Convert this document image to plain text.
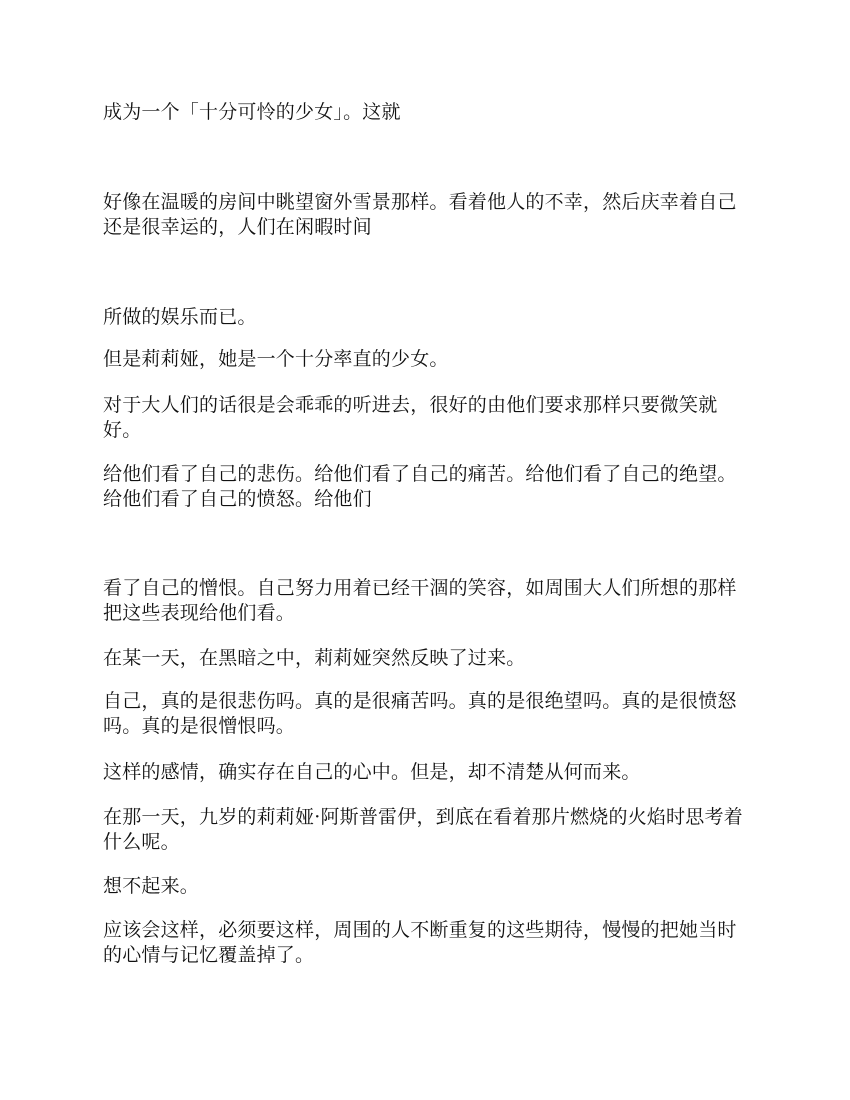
成为一个「十分可怜的少女」。这就

好像在温暖的房间中眺望窗外雪景那样。看着他人的不幸，然后庆幸着自己还是很幸运的，人们在闲暇时间

所做的娱乐而已。

但是莉莉娅，她是一个十分率直的少女。

对于大人们的话很是会乖乖的听进去，很好的由他们要求那样只要微笑就好。

给他们看了自己的悲伤。给他们看了自己的痛苦。给他们看了自己的绝望。给他们看了自己的愤怒。给他们

看了自己的憎恨。自己努力用着已经干涸的笑容，如周围大人们所想的那样把这些表现给他们看。

在某一天，在黑暗之中，莉莉娅突然反映了过来。

自己，真的是很悲伤吗。真的是很痛苦吗。真的是很绝望吗。真的是很愤怒吗。真的是很憎恨吗。

这样的感情，确实存在自己的心中。但是，却不清楚从何而来。

在那一天，九岁的莉莉娅·阿斯普雷伊，到底在看着那片燃烧的火焰时思考着什么呢。

想不起来。

应该会这样，必须要这样，周围的人不断重复的这些期待，慢慢的把她当时的心情与记忆覆盖掉了。
